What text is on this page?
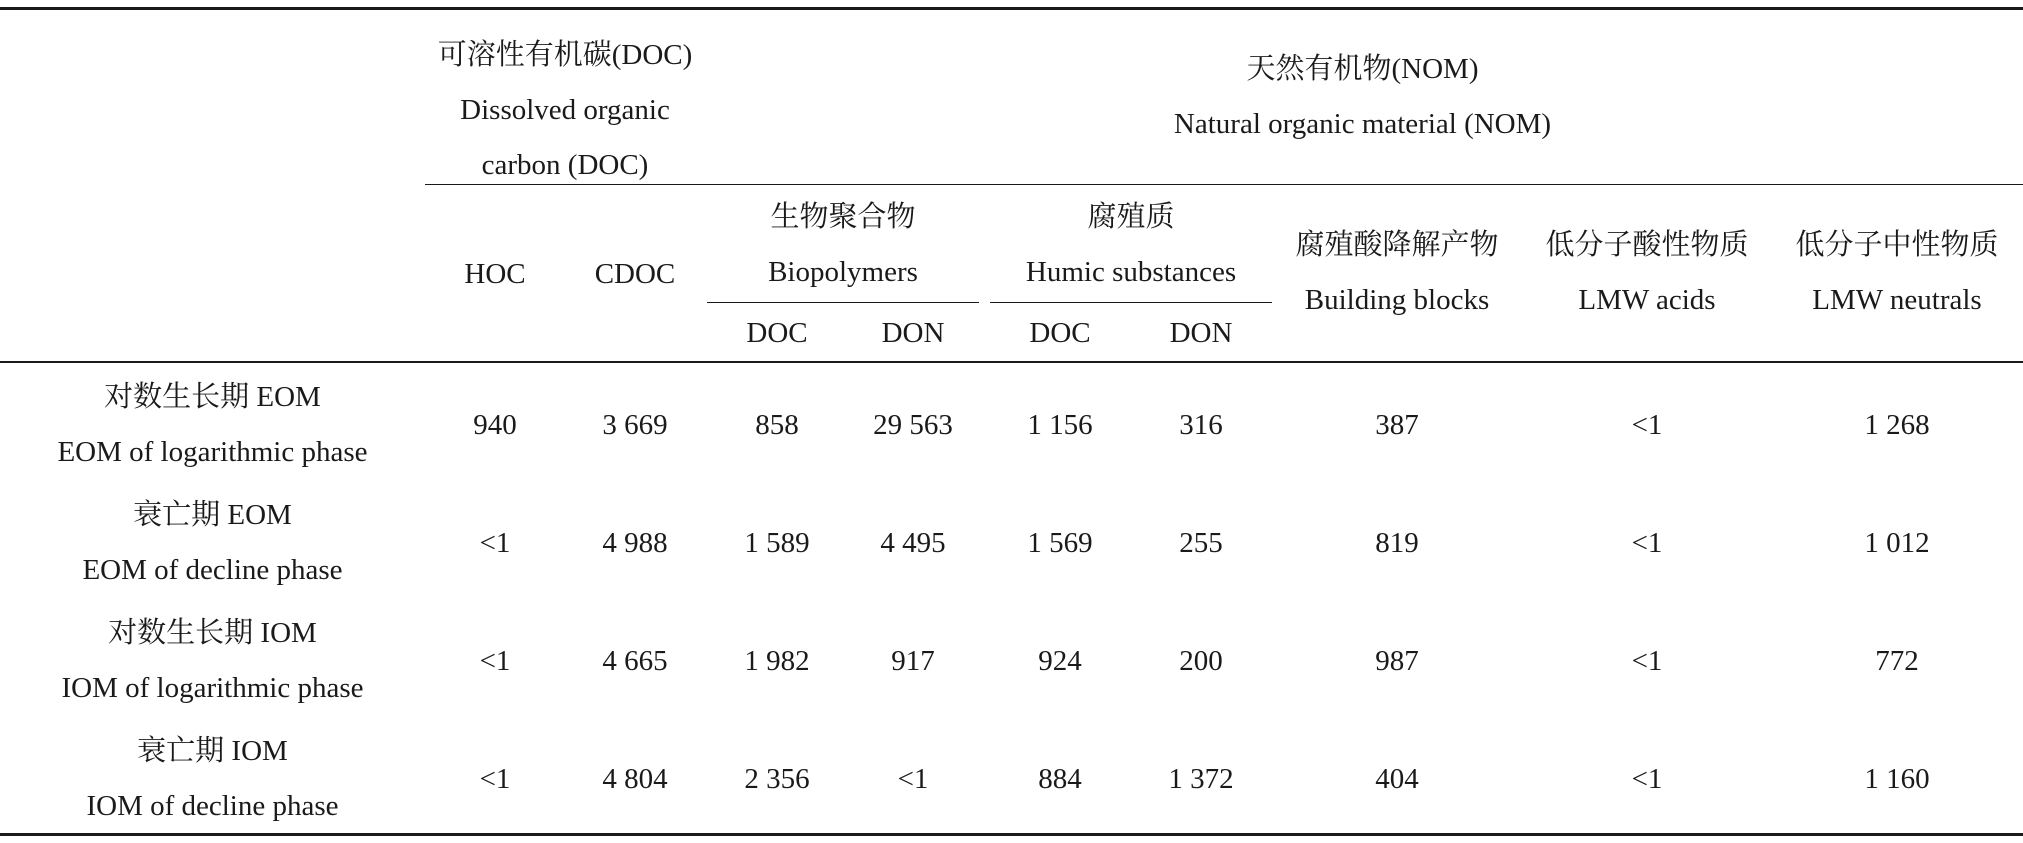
可溶性有机碳(DOC)
Dissolved organic
carbon (DOC)
天然有机物(NOM)
Natural organic material (NOM)
HOC CDOC
生物聚合物
Biopolymers
DOC	DON
腐殖质
Humic substances
DOC	DON
腐殖酸降解产物
Building blocks
低分子酸性物质
LMW acids
低分子中性物质
LMW neutrals
对数生长期 EOM
EOM of logarithmic phase
940	3 669	858	29 563	1 156	316	387	<1	1 268
衰亡期 EOM
EOM of decline phase
<1	4 988	1 589	4 495	1 569	255	819	<1	1 012
对数生长期 IOM
IOM of logarithmic phase
<1	4 665	1 982	917	924	200	987	<1	772
衰亡期 IOM
IOM of decline phase
<1	4 804	2 356	<1	884	1 372	404	<1	1 160
